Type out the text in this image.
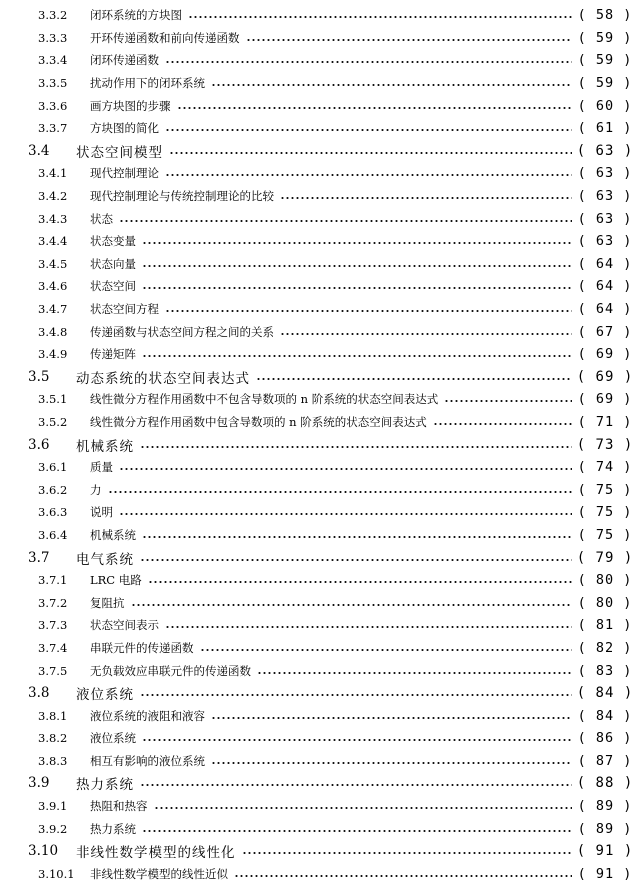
3.3.2	闭环系统的方块图	( 58 )
3.3.3	开环传递函数和前向传递函数	( 59 )
3.3.4	闭环传递函数	( 59 )
3.3.5	扰动作用下的闭环系统	( 59 )
3.3.6	画方块图的步骤	( 60 )
3.3.7	方块图的简化	( 61 )
3.4	状态空间模型	( 63 )
3.4.1	现代控制理论	( 63 )
3.4.2	现代控制理论与传统控制理论的比较	( 63 )
3.4.3	状态	( 63 )
3.4.4	状态变量	( 63 )
3.4.5	状态向量	( 64 )
3.4.6	状态空间	( 64 )
3.4.7	状态空间方程	( 64 )
3.4.8	传递函数与状态空间方程之间的关系	( 67 )
3.4.9	传递矩阵	( 69 )
3.5	动态系统的状态空间表达式	( 69 )
3.5.1	线性微分方程作用函数中不包含导数项的 n 阶系统的状态空间表达式	( 69 )
3.5.2	线性微分方程作用函数中包含导数项的 n 阶系统的状态空间表达式	( 71 )
3.6	机械系统	( 73 )
3.6.1	质量	( 74 )
3.6.2	力	( 75 )
3.6.3	说明	( 75 )
3.6.4	机械系统	( 75 )
3.7	电气系统	( 79 )
3.7.1	LRC 电路	( 80 )
3.7.2	复阻抗	( 80 )
3.7.3	状态空间表示	( 81 )
3.7.4	串联元件的传递函数	( 82 )
3.7.5	无负载效应串联元件的传递函数	( 83 )
3.8	液位系统	( 84 )
3.8.1	液位系统的液阻和液容	( 84 )
3.8.2	液位系统	( 86 )
3.8.3	相互有影响的液位系统	( 87 )
3.9	热力系统	( 88 )
3.9.1	热阻和热容	( 89 )
3.9.2	热力系统	( 89 )
3.10	非线性数学模型的线性化	( 91 )
3.10.1	非线性数学模型的线性近似	( 91 )
